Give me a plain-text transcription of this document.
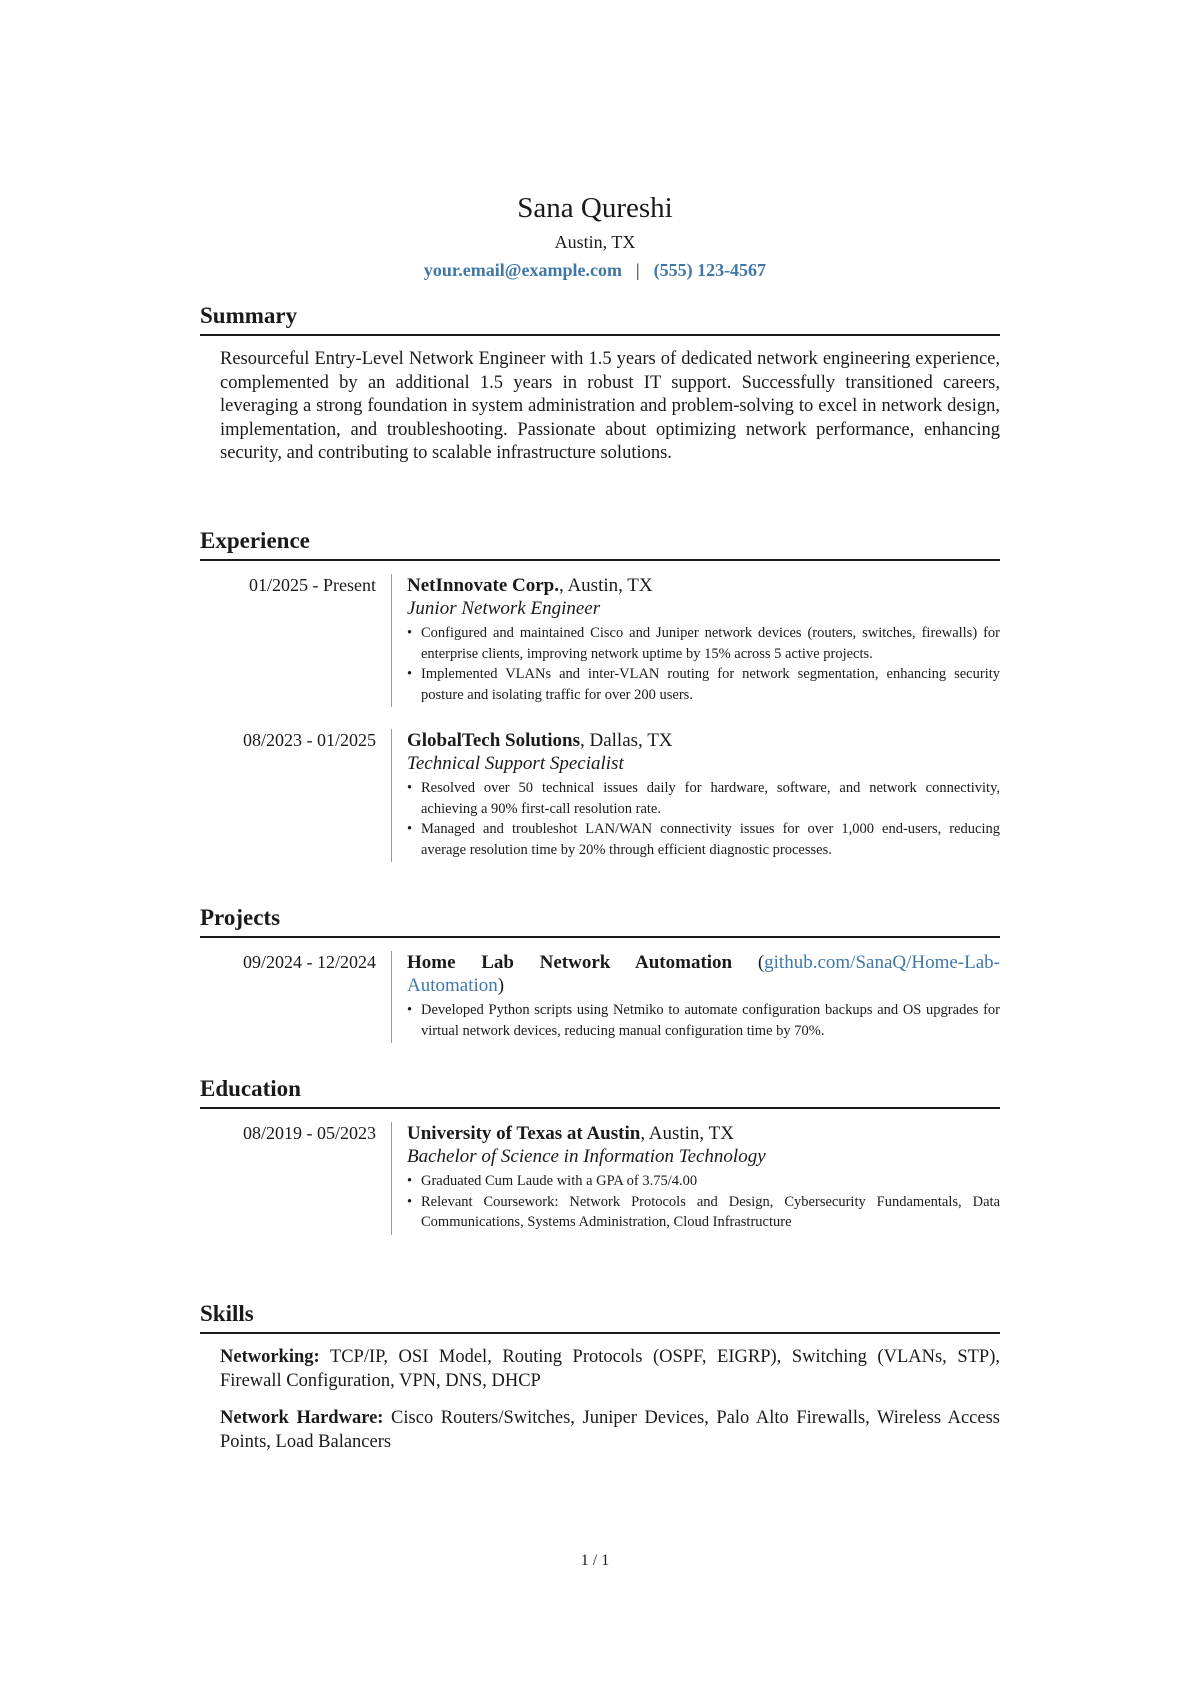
Sana Qureshi
Austin, TX
your.email@example.com | (555) 123-4567
Summary
Resourceful Entry-Level Network Engineer with 1.5 years of dedicated network engineering experience, complemented by an additional 1.5 years in robust IT support. Successfully transitioned careers, leveraging a strong foundation in system administration and problem-solving to excel in network design, implementation, and troubleshooting. Passionate about optimizing network performance, enhancing security, and contributing to scalable infrastructure solutions.
Experience
01/2025 - Present	NetInnovate Corp., Austin, TX
Junior Network Engineer
• Configured and maintained Cisco and Juniper network devices (routers, switches, firewalls) for enterprise clients, improving network uptime by 15% across 5 active projects.
• Implemented VLANs and inter-VLAN routing for network segmentation, enhancing security posture and isolating traffic for over 200 users.
08/2023 - 01/2025	GlobalTech Solutions, Dallas, TX
Technical Support Specialist
• Resolved over 50 technical issues daily for hardware, software, and network connectivity, achieving a 90% first-call resolution rate.
• Managed and troubleshot LAN/WAN connectivity issues for over 1,000 end-users, reducing average resolution time by 20% through efficient diagnostic processes.
Projects
09/2024 - 12/2024	Home Lab Network Automation (github.com/SanaQ/Home-Lab-Automation)
• Developed Python scripts using Netmiko to automate configuration backups and OS upgrades for virtual network devices, reducing manual configuration time by 70%.
Education
08/2019 - 05/2023	University of Texas at Austin, Austin, TX
Bachelor of Science in Information Technology
• Graduated Cum Laude with a GPA of 3.75/4.00
• Relevant Coursework: Network Protocols and Design, Cybersecurity Fundamentals, Data Communications, Systems Administration, Cloud Infrastructure
Skills
Networking: TCP/IP, OSI Model, Routing Protocols (OSPF, EIGRP), Switching (VLANs, STP), Firewall Configuration, VPN, DNS, DHCP
Network Hardware: Cisco Routers/Switches, Juniper Devices, Palo Alto Firewalls, Wireless Access Points, Load Balancers
1 / 1
